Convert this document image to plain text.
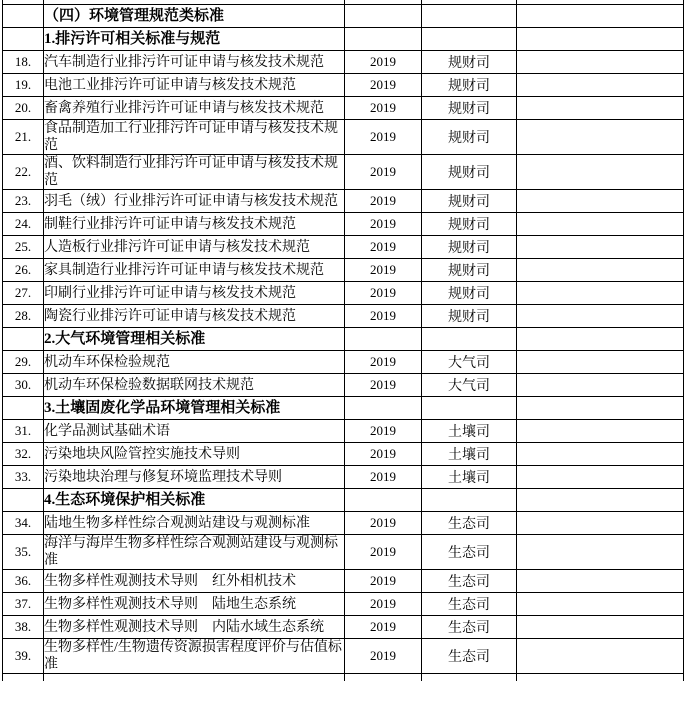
	（四）环境管理规范类标准			
	1.排污许可相关标准与规范			
18.	汽车制造行业排污许可证申请与核发技术规范	2019	规财司	
19.	电池工业排污许可证申请与核发技术规范	2019	规财司	
20.	畜禽养殖行业排污许可证申请与核发技术规范	2019	规财司	
21.	食品制造加工行业排污许可证申请与核发技术规范	2019	规财司	
22.	酒、饮料制造行业排污许可证申请与核发技术规范	2019	规财司	
23.	羽毛（绒）行业排污许可证申请与核发技术规范	2019	规财司	
24.	制鞋行业排污许可证申请与核发技术规范	2019	规财司	
25.	人造板行业排污许可证申请与核发技术规范	2019	规财司	
26.	家具制造行业排污许可证申请与核发技术规范	2019	规财司	
27.	印刷行业排污许可证申请与核发技术规范	2019	规财司	
28.	陶瓷行业排污许可证申请与核发技术规范	2019	规财司	
	2.大气环境管理相关标准			
29.	机动车环保检验规范	2019	大气司	
30.	机动车环保检验数据联网技术规范	2019	大气司	
	3.土壤固废化学品环境管理相关标准			
31.	化学品测试基础术语	2019	土壤司	
32.	污染地块风险管控实施技术导则	2019	土壤司	
33.	污染地块治理与修复环境监理技术导则	2019	土壤司	
	4.生态环境保护相关标准			
34.	陆地生物多样性综合观测站建设与观测标准	2019	生态司	
35.	海洋与海岸生物多样性综合观测站建设与观测标准	2019	生态司	
36.	生物多样性观测技术导则　红外相机技术	2019	生态司	
37.	生物多样性观测技术导则　陆地生态系统	2019	生态司	
38.	生物多样性观测技术导则　内陆水域生态系统	2019	生态司	
39.	生物多样性/生物遗传资源损害程度评价与估值标准	2019	生态司	
